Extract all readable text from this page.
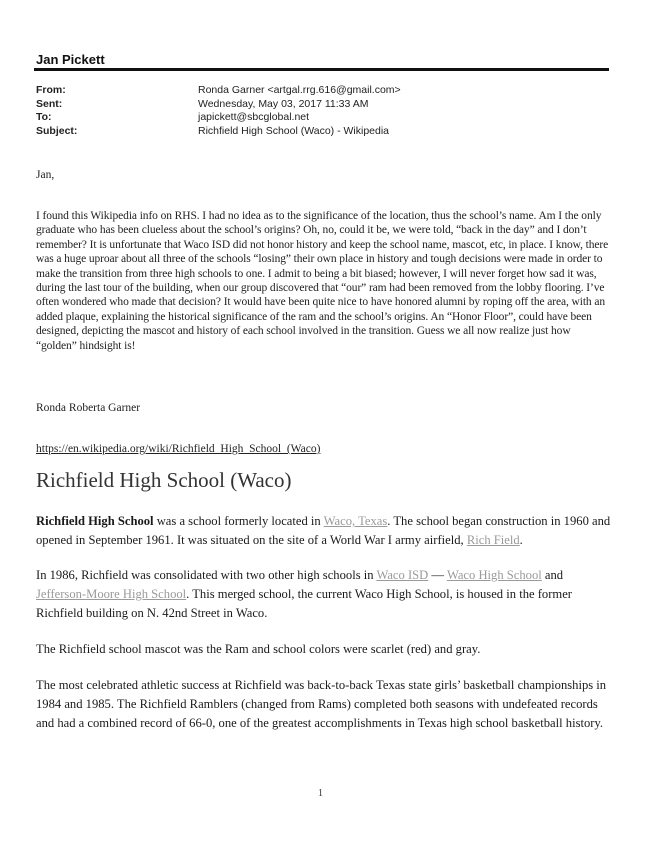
Jan Pickett
From:	Ronda Garner <artgal.rrg.616@gmail.com>
Sent:	Wednesday, May 03, 2017 11:33 AM
To:	japickett@sbcglobal.net
Subject:	Richfield High School (Waco) - Wikipedia
Jan,
I found this Wikipedia info on RHS. I had no idea as to the significance of the location, thus the school’s name. Am I the only graduate who has been clueless about the school’s origins? Oh, no, could it be, we were told, “back in the day” and I don’t remember? It is unfortunate that Waco ISD did not honor history and keep the school name, mascot, etc, in place. I know, there was a huge uproar about all three of the schools “losing” their own place in history and tough decisions were made in order to make the transition from three high schools to one. I admit to being a bit biased; however, I will never forget how sad it was, during the last tour of the building, when our group discovered that “our” ram had been removed from the lobby flooring. I’ve often wondered who made that decision? It would have been quite nice to have honored alumni by roping off the area, with an added plaque, explaining the historical significance of the ram and the school’s origins. An “Honor Floor”, could have been designed, depicting the mascot and history of each school involved in the transition. Guess we all now realize just how “golden” hindsight is!
Ronda Roberta Garner
https://en.wikipedia.org/wiki/Richfield_High_School_(Waco)
Richfield High School (Waco)
Richfield High School was a school formerly located in Waco, Texas. The school began construction in 1960 and opened in September 1961. It was situated on the site of a World War I army airfield, Rich Field.
In 1986, Richfield was consolidated with two other high schools in Waco ISD — Waco High School and Jefferson-Moore High School. This merged school, the current Waco High School, is housed in the former Richfield building on N. 42nd Street in Waco.
The Richfield school mascot was the Ram and school colors were scarlet (red) and gray.
The most celebrated athletic success at Richfield was back-to-back Texas state girls’ basketball championships in 1984 and 1985. The Richfield Ramblers (changed from Rams) completed both seasons with undefeated records and had a combined record of 66-0, one of the greatest accomplishments in Texas high school basketball history.
1
